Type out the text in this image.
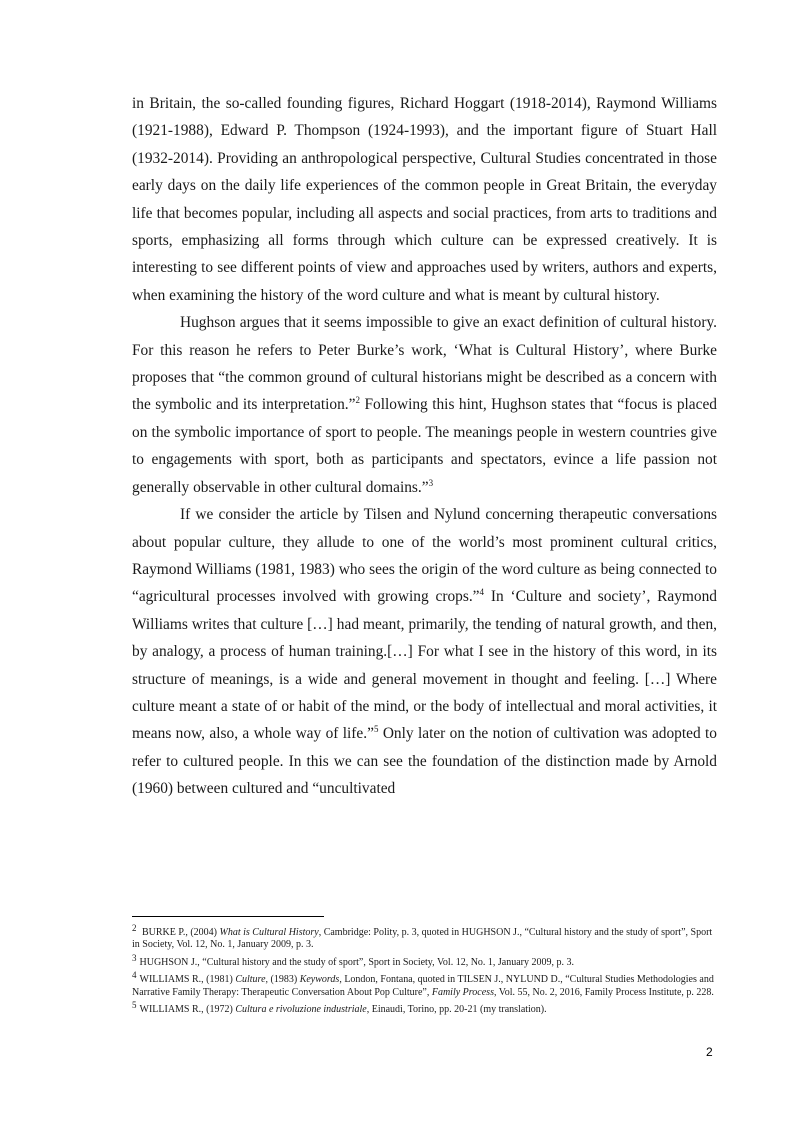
in Britain, the so-called founding figures, Richard Hoggart (1918-2014), Raymond Williams (1921-1988), Edward P. Thompson (1924-1993), and the important figure of Stuart Hall (1932-2014). Providing an anthropological perspective, Cultural Studies concentrated in those early days on the daily life experiences of the common people in Great Britain, the everyday life that becomes popular, including all aspects and social practices, from arts to traditions and sports, emphasizing all forms through which culture can be expressed creatively. It is interesting to see different points of view and approaches used by writers, authors and experts, when examining the history of the word culture and what is meant by cultural history.

Hughson argues that it seems impossible to give an exact definition of cultural history. For this reason he refers to Peter Burke’s work, ‘What is Cultural History’, where Burke proposes that “the common ground of cultural historians might be described as a concern with the symbolic and its interpretation.”$^2$ Following this hint, Hughson states that “focus is placed on the symbolic importance of sport to people. The meanings people in western countries give to engagements with sport, both as participants and spectators, evince a life passion not generally observable in other cultural domains.”$^3$

If we consider the article by Tilsen and Nylund concerning therapeutic conversations about popular culture, they allude to one of the world’s most prominent cultural critics, Raymond Williams (1981, 1983) who sees the origin of the word culture as being connected to “agricultural processes involved with growing crops.”$^4$ In ‘Culture and society’, Raymond Williams writes that culture […] had meant, primarily, the tending of natural growth, and then, by analogy, a process of human training.[…] For what I see in the history of this word, in its structure of meanings, is a wide and general movement in thought and feeling. […] Where culture meant a state of or habit of the mind, or the body of intellectual and moral activities, it means now, also, a whole way of life.”$^5$ Only later on the notion of cultivation was adopted to refer to cultured people. In this we can see the foundation of the distinction made by Arnold (1960) between cultured and “uncultivated

2 BURKE P., (2004) What is Cultural History, Cambridge: Polity, p. 3, quoted in HUGHSON J., “Cultural history and the study of sport”, Sport in Society, Vol. 12, No. 1, January 2009, p. 3.

3 HUGHSON J., “Cultural history and the study of sport”, Sport in Society, Vol. 12, No. 1, January 2009, p. 3.

4 WILLIAMS R., (1981) Culture, (1983) Keywords, London, Fontana, quoted in TILSEN J., NYLUND D., “Cultural Studies Methodologies and Narrative Family Therapy: Therapeutic Conversation About Pop Culture”, Family Process, Vol. 55, No. 2, 2016, Family Process Institute, p. 228.

5 WILLIAMS R., (1972) Cultura e rivoluzione industriale, Einaudi, Torino, pp. 20-21 (my translation).

2
